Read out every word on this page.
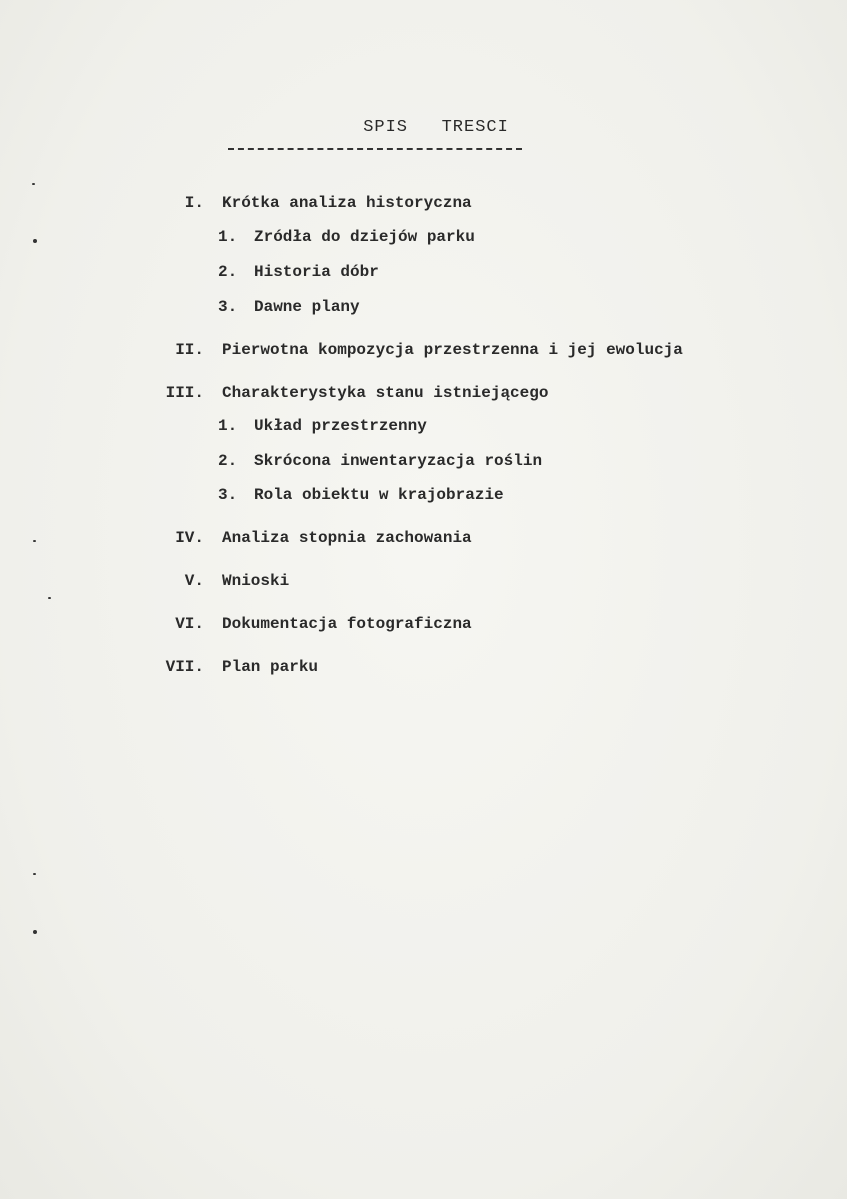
SPIS   TRESCI
I. Krótka analiza historyczna
1. Zródła do dziejów parku
2. Historia dóbr
3. Dawne plany
II. Pierwotna kompozycja przestrzenna i jej ewolucja
III. Charakterystyka stanu istniejącego
1. Układ przestrzenny
2. Skrócona inwentaryzacja roślin
3. Rola obiektu w krajobrazie
IV. Analiza stopnia zachowania
V. Wnioski
VI. Dokumentacja fotograficzna
VII. Plan parku
